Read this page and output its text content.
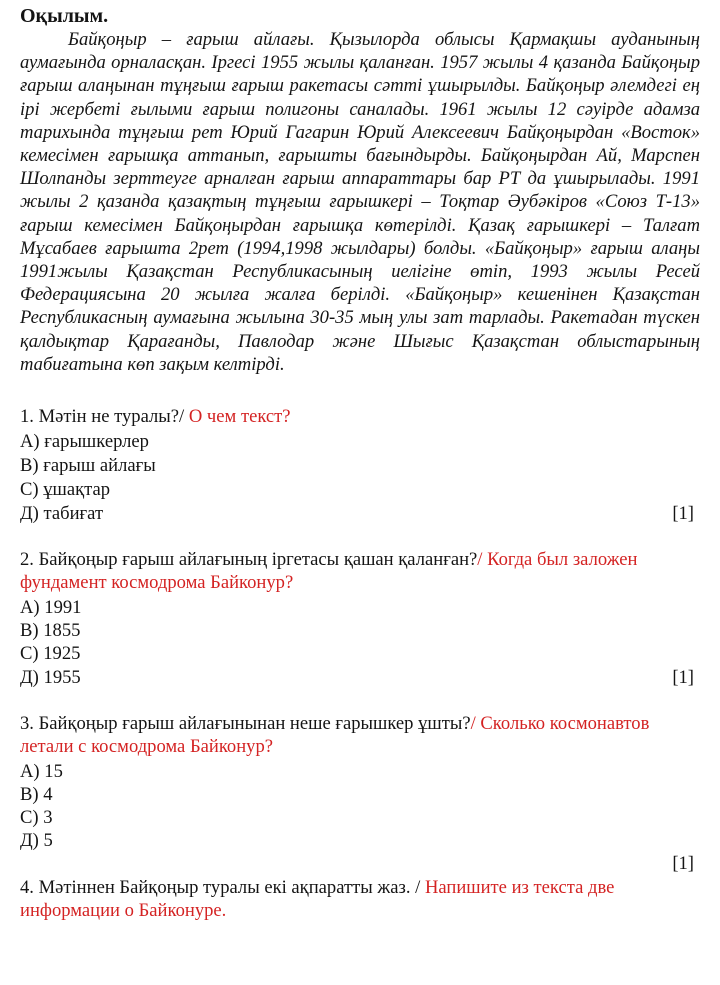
Оқылым.

Байқоңыр – ғарыш айлағы. Қызылорда облысы Қармақшы ауданының аумағында орналасқан. Іргесі 1955 жылы қаланған. 1957 жылы 4 қазанда Байқоңыр ғарыш алаңынан тұңғыш ғарыш ракетасы сәтті ұшырылды. Байқоңыр әлемдегі ең ірі жербеті ғылыми ғарыш полигоны саналады. 1961 жылы 12 сәуірде адамза тарихында тұңғыш рет Юрий Гагарин Юрий Алексеевич Байқоңырдан «Восток» кемесімен ғарышқа аттанып, ғарышты бағындырды. Байқоңырдан Ай, Марспен Шолпанды зерттеуге арналған ғарыш аппараттары бар РТ да ұшырылады. 1991 жылы 2 қазанда қазақтың тұңғыш ғарышкері – Тоқтар Әубәкіров «Союз Т-13» ғарыш кемесімен Байқоңырдан ғарышқа көтерілді. Қазақ ғарышкері – Талғат Мұсабаев ғарышта 2рет (1994,1998 жылдары) болды. «Байқоңыр» ғарыш алаңы 1991жылы Қазақстан Республикасының иелігіне өтіп, 1993 жылы Ресей Федерациясына 20 жылға жалға берілді. «Байқоңыр» кешенінен Қазақстан Республикасның аумағына жылына 30-35 мың улы зат тарлады. Ракетадан түскен қалдықтар Қарағанды, Павлодар және Шығыс Қазақстан облыстарының табиғатына көп зақым келтірді.

1. Мәтін не туралы?/ О чем текст?

А) ғарышкерлер
В) ғарыш айлағы
С) ұшақтар
Д) табиғат	[1]

2. Байқоңыр ғарыш айлағының іргетасы қашан қаланған?/ Когда был заложен фундамент космодрома Байконур?

А) 1991
В) 1855
С) 1925
Д) 1955	[1]

3. Байқоңыр ғарыш айлағынынан неше ғарышкер ұшты?/ Сколько космонавтов летали с космодрома Байконур?

А) 15
В) 4
С) 3
Д) 5
[1]

4. Мәтіннен Байқоңыр туралы екі ақпаратты жаз. / Напишите из текста две информации о Байконуре.
